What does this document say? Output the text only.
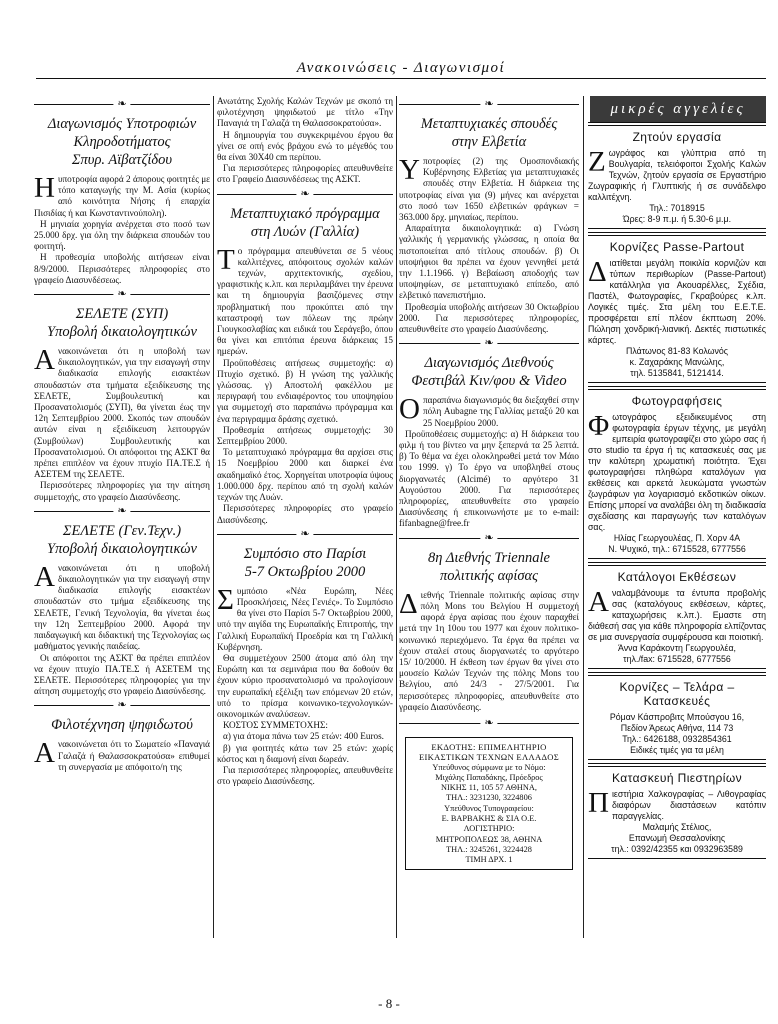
Ανακοινώσεις - Διαγωνισμοί
❧
Διαγωνισμός Υποτροφιών
Κληροδοτήματος
Σπυρ. Αϊβατζίδου

Η υποτροφία αφορά 2 άπορους φοιτητές με τόπο καταγωγής την Μ. Ασία (κυρίως από κοινότητα Νήσης ή επαρχία Πισιδίας ή και Κωνσταντινούπολη).

Η μηνιαία χορηγία ανέρχεται στο ποσό των 25.000 δρχ. για όλη την διάρκεια σπουδών του φοιτητή.

Η προθεσμία υποβολής αιτήσεων είναι 8/9/2000. Περισσότερες πληροφορίες στο γραφείο Διασυνδέσεως.

❧
ΣΕΛΕΤΕ (ΣΥΠ)
Υποβολή δικαιολογητικών

Ανακοινώνεται ότι η υποβολή των δικαιολογητικών, για την εισαγωγή στην διαδικασία επιλογής εισακτέων σπουδαστών στα τμήματα εξειδίκευσης της ΣΕΛΕΤΕ, Συμβουλευτική και Προσανατολισμός (ΣΥΠ), θα γίνεται έως την 12η Σεπτεμβρίου 2000. Σκοπός των σπουδών αυτών είναι η εξειδίκευση λειτουργών (Συμβούλων) Συμβουλευτικής και Προσανατολισμού. Οι απόφοιτοι της ΑΣΚΤ θα πρέπει επιπλέον να έχουν πτυχίο ΠΑ.ΤΕ.Σ ή ΑΣΕΤΕΜ της ΣΕΛΕΤΕ.

Περισσότερες πληροφορίες για την αίτηση συμμετοχής, στο γραφείο Διασύνδεσης.

❧
ΣΕΛΕΤΕ (Γεν.Τεχν.)
Υποβολή δικαιολογητικών

Ανακοινώνεται ότι η υποβολή δικαιολογητικών για την εισαγωγή στην διαδικασία επιλογής εισακτέων σπουδαστών στο τμήμα εξειδίκευσης της ΣΕΛΕΤΕ, Γενική Τεχνολογία, θα γίνεται έως την 12η Σεπτεμβρίου 2000. Αφορά την παιδαγωγική και διδακτική της Τεχνολογίας ως μαθήματος γενικής παιδείας.

Οι απόφοιτοι της ΑΣΚΤ θα πρέπει επιπλέον να έχουν πτυχίο ΠΑ.ΤΕ.Σ ή ΑΣΕΤΕΜ της ΣΕΛΕΤΕ. Περισσότερες πληροφορίες για την αίτηση συμμετοχής στο γραφείο Διασύνδεσης.

❧
Φιλοτέχνηση ψηφιδωτού

Ανακοινώνεται ότι το Σωματείο «Παναγιά Γαλαζά ή Θαλασσοκρατούσα» επιθυμεί τη συνεργασία με απόφοιτο/η της

Ανωτάτης Σχολής Καλών Τεχνών με σκοπό τη φιλοτέχνηση ψηφιδωτού με τίτλο «Την Παναγιά τη Γαλαζά τη Θαλασσοκρατούσα».

Η δημιουργία του συγκεκριμένου έργου θα γίνει σε οπή ενός βράχου ενώ το μέγεθός του θα είναι 30Χ40 cm περίπου.

Για περισσότερες πληροφορίες απευθυνθείτε στο Γραφείο Διασυνδέσεως της ΑΣΚΤ.

❧
Μεταπτυχιακό πρόγραμμα
στη Λυών (Γαλλία)

Το πρόγραμμα απευθύνεται σε 5 νέους καλλιτέχνες, απόφοιτους σχολών καλών τεχνών, αρχιτεκτονικής, σχεδίου, γραφιστικής κ.λπ. και περιλαμβάνει την έρευνα και τη δημιουργία βασιζόμενες στην προβληματική που προκύπτει από την καταστροφή των πόλεων της πρώην Γιουγκοσλαβίας και ειδικά του Σεράγεβο, όπου θα γίνει και επιτόπια έρευνα διάρκειας 15 ημερών.

Προϋποθέσεις αιτήσεως συμμετοχής: α) Πτυχίο σχετικό. β) Η γνώση της γαλλικής γλώσσας. γ) Αποστολή φακέλλου με περιγραφή του ενδιαφέροντος του υποψηφίου για συμμετοχή στο παραπάνω πρόγραμμα και ένα περιγραμμα δράσης σχετικό.

Προθεσμία αιτήσεως συμμετοχής: 30 Σεπτεμβρίου 2000.

Το μεταπτυχιακό πρόγραμμα θα αρχίσει στις 15 Νοεμβρίου 2000 και διαρκεί ένα ακαδημαϊκό έτος. Χορηγείται υποτροφία ύψους 1.000.000 δρχ. περίπου από τη σχολή καλών τεχνών της Λυών.

Περισσότερες πληροφορίες στο γραφείο Διασύνδεσης.

❧
Συμπόσιο στο Παρίσι
5-7 Οκτωβρίου 2000

Συμπόσιο «Νέα Ευρώπη, Νέες Προσκλήσεις, Νέες Γενιές». Το Συμπόσιο θα γίνει στο Παρίσι 5-7 Οκτωβρίου 2000, υπό την αιγίδα της Ευρωπαϊκής Επιτροπής, την Γαλλική Ευρωπαϊκή Προεδρία και τη Γαλλική Κυβέρνηση.

Θα συμμετέχουν 2500 άτομα από όλη την Ευρώπη και τα σεμινάρια που θα δοθούν θα έχουν κύριο προσανατολισμό να προλογίσουν την ευρωπαϊκή εξέλιξη των επόμενων 20 ετών, υπό το πρίσμα κοινωνικο-τεχνολογικών-οικονομικών αναλύσεων.

ΚΟΣΤΟΣ ΣΥΜΜΕΤΟΧΗΣ:

α) για άτομα πάνω των 25 ετών: 400 Euros.

β) για φοιτητές κάτω των 25 ετών: χωρίς κόστος και η διαμονή είναι δωρεάν.

Για περισσότερες πληροφορίες, απευθυνθείτε στο γραφείο Διασύνδεσης.

❧
Μεταπτυχιακές σπουδές
στην Ελβετία

Υποτροφίες (2) της Ομοσπονδιακής Κυβέρνησης Ελβετίας για μεταπτυχιακές σπουδές στην Ελβετία. Η διάρκεια της υποτροφίας είναι για (9) μήνες και ανέρχεται στο ποσό των 1650 ελβετικών φράγκων = 363.000 δρχ. μηνιαίως, περίπου.

Απαραίτητα δικαιολογητικά: α) Γνώση γαλλικής ή γερμανικής γλώσσας, η οποία θα πιστοποιείται από τίτλους σπουδών. β) Οι υποψήφιοι θα πρέπει να έχουν γεννηθεί μετά την 1.1.1966. γ) Βεβαίωση αποδοχής των υποψηφίων, σε μεταπτυχιακό επίπεδο, από ελβετικό πανεπιστήμιο.

Προθεσμία υποβολής αιτήσεων 30 Οκτωβρίου 2000. Για περισσότερες πληροφορίες, απευθυνθείτε στο γραφείο Διασύνδεσης.

❧
Διαγωνισμός Διεθνούς
Φεστιβάλ Κιν/φου & Video

Ο παραπάνω διαγωνισμός θα διεξαχθεί στην πόλη Aubagne της Γαλλίας μεταξύ 20 και 25 Νοεμβρίου 2000.

Προϋποθέσεις συμμετοχής: α) Η διάρκεια του φιλμ ή του βίντεο να μην ξεπερνά τα 25 λεπτά. β) Το θέμα να έχει ολοκληρωθεί μετά τον Μάιο του 1999. γ) Το έργο να υποβληθεί στους διοργανωτές (Alcimé) το αργότερο 31 Αυγούστου 2000. Για περισσότερες πληροφορίες, απευθυνθείτε στο γραφείο Διασύνδεσης ή επικοινωνήστε με το e-mail: fifanbagne@free.fr

❧
8η Διεθνής Triennale
πολιτικής αφίσας

Διεθνής Triennale πολιτικής αφίσας στην πόλη Mons του Βελγίου Η συμμετοχή αφορά έργα αφίσας που έχουν παραχθεί μετά την 1η 10ου του 1977 και έχουν πολιτικο-κοινωνικό περιεχόμενο. Τα έργα θα πρέπει να έχουν σταλεί στους διοργανωτές το αργότερο 15/ 10/2000. Η έκθεση των έργων θα γίνει στο μουσείο Καλών Τεχνών της πόλης Mons του Βελγίου, από 24/3 - 27/5/2001. Για περισσότερες πληροφορίες, απευθυνθείτε στο γραφείο Διασύνδεσης.

❧
ΕΚΔΟΤΗΣ: ΕΠΙΜΕΛΗΤΗΡΙΟ
ΕΙΚΑΣΤΙΚΩΝ ΤΕΧΝΩΝ ΕΛΛΑΔΟΣ
Υπεύθυνος σύμφωνα με το Νόμο:
Μιχάλης Παπαδάκης, Πρόεδρος
ΝΙΚΗΣ 11, 105 57 ΑΘΗΝΑ,
ΤΗΛ.: 3231230, 3224806
Υπεύθυνος Τυπογραφείου:
Ε. ΒΑΡΒΑΚΗΣ & ΣΙΑ Ο.Ε.
ΛΟΓΙΣΤΗΡΙΟ:
ΜΗΤΡΟΠΟΛΕΩΣ 38, ΑΘΗΝΑ
ΤΗΛ.: 3245261, 3224428
ΤΙΜΗ ΔΡΧ. 1
μικρές αγγελίες
Ζητούν εργασία
Ζωγράφος και γλύπτρια από τη Βουλγαρία, τελειόφοιτοι Σχολής Καλών Τεχνών, ζητούν εργασία σε Εργαστήριο Ζωγραφικής ή Γλυπτικής ή σε συνάδελφο καλλιτέχνη.
Τηλ.: 7018915
Ώρες: 8-9 π.μ. ή 5.30-6 μ.μ.
Κορνίζες Passe-Partout
Διατίθεται μεγάλη ποικιλία κορνιζών και τύπων περιθωρίων (Passe-Partout) κατάλληλα για Ακουαρέλλες, Σχέδια, Παστέλ, Φωτογραφίες, Γκραβούρες κ.λπ. Λογικές τιμές. Στα μέλη του Ε.Ε.Τ.Ε. προσφέρεται επί πλέον έκπτωση 20%. Πώληση χονδρική-λιανική. Δεκτές πιστωτικές κάρτες.
Πλάτωνος 81-83 Κολωνός
κ. Ζαχαράκης Μανώλης,
τηλ. 5135841, 5121414.
Φωτογραφήσεις
Φωτογράφος εξειδικευμένος στη φωτογραφία έργων τέχνης, με μεγάλη εμπειρία φωτογραφίζει στο χώρο σας ή στο studio τα έργα ή τις κατασκευές σας με την καλύτερη χρωματική ποιότητα. Έχει φωτογραφήσει πληθώρα καταλόγων για εκθέσεις και αρκετά λευκώματα γνωστών ζωγράφων για λογαριασμό εκδοτικών οίκων. Επίσης μπορεί να αναλάβει όλη τη διαδικασία σχεδίασης και παραγωγής των καταλόγων σας.
Ηλίας Γεωργουλέας, Π. Χορν 4Α
Ν. Ψυχικό, τηλ.: 6715528, 6777556
Κατάλογοι Εκθέσεων
Αναλαμβάνουμε τα έντυπα προβολής σας (καταλόγους εκθέσεων, κάρτες, καταχωρήσεις κ.λπ.). Εμαστε στη διάθεσή σας για κάθε πληροφορία ελπίζοντας σε μια συνεργασία συμφέρουσα και ποιοτική.
Άννα Καράκοντη Γεωργουλέα,
τηλ./fax: 6715528, 6777556
Κορνίζες – Τελάρα – Κατασκευές
Ρόμαν Κάσπροβιτς Μπούσγου 16,
Πεδίον Άρεως Αθήνα, 114 73
Τηλ.: 6426188, 0932854361
Ειδικές τιμές για τα μέλη
Κατασκευή Πιεστηρίων
Πιεστήρια Χαλκογραφίας – Λιθογραφίας διαφόρων διαστάσεων κατόπιν παραγγελίας.
Μαλαμής Στέλιος,
Επανωμή Θεσσαλονίκης
τηλ.: 0392/42355 και 0932963589
- 8 -
